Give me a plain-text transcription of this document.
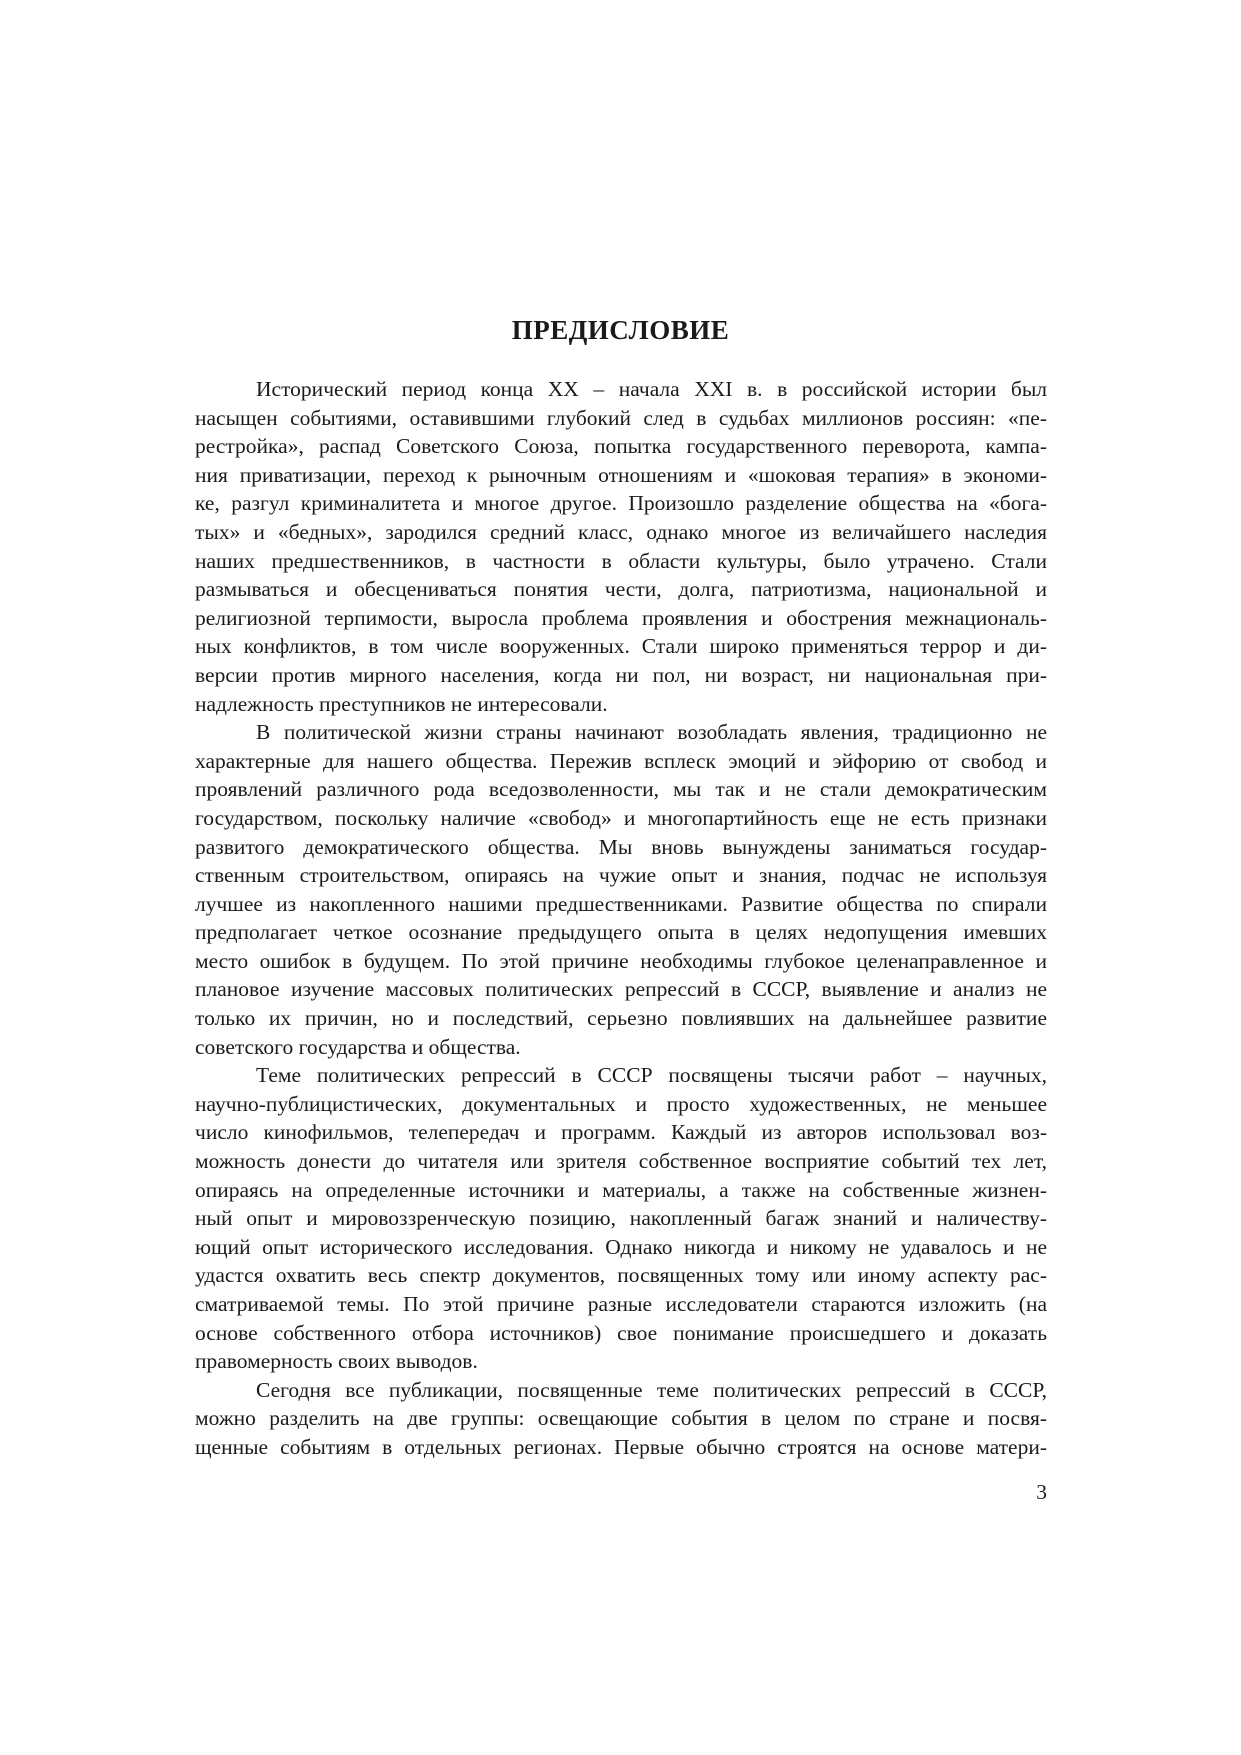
ПРЕДИСЛОВИЕ
Исторический период конца XX – начала XXI в. в российской истории был
насыщен событиями, оставившими глубокий след в судьбах миллионов россиян: «пе-
рестройка», распад Советского Союза, попытка государственного переворота, кампа-
ния приватизации, переход к рыночным отношениям и «шоковая терапия» в экономи-
ке, разгул криминалитета и многое другое. Произошло разделение общества на «бога-
тых» и «бедных», зародился средний класс, однако многое из величайшего наследия
наших предшественников, в частности в области культуры, было утрачено. Стали
размываться и обесцениваться понятия чести, долга, патриотизма, национальной и
религиозной терпимости, выросла проблема проявления и обострения межнациональ-
ных конфликтов, в том числе вооруженных. Стали широко применяться террор и ди-
версии против мирного населения, когда ни пол, ни возраст, ни национальная при-
надлежность преступников не интересовали.
В политической жизни страны начинают возобладать явления, традиционно не
характерные для нашего общества. Пережив всплеск эмоций и эйфорию от свобод и
проявлений различного рода вседозволенности, мы так и не стали демократическим
государством, поскольку наличие «свобод» и многопартийность еще не есть признаки
развитого демократического общества. Мы вновь вынуждены заниматься государ-
ственным строительством, опираясь на чужие опыт и знания, подчас не используя
лучшее из накопленного нашими предшественниками. Развитие общества по спирали
предполагает четкое осознание предыдущего опыта в целях недопущения имевших
место ошибок в будущем. По этой причине необходимы глубокое целенаправленное и
плановое изучение массовых политических репрессий в СССР, выявление и анализ не
только их причин, но и последствий, серьезно повлиявших на дальнейшее развитие
советского государства и общества.
Теме политических репрессий в СССР посвящены тысячи работ – научных,
научно-публицистических, документальных и просто художественных, не меньшее
число кинофильмов, телепередач и программ. Каждый из авторов использовал воз-
можность донести до читателя или зрителя собственное восприятие событий тех лет,
опираясь на определенные источники и материалы, а также на собственные жизнен-
ный опыт и мировоззренческую позицию, накопленный багаж знаний и наличеству-
ющий опыт исторического исследования. Однако никогда и никому не удавалось и не
удастся охватить весь спектр документов, посвященных тому или иному аспекту рас-
сматриваемой темы. По этой причине разные исследователи стараются изложить (на
основе собственного отбора источников) свое понимание происшедшего и доказать
правомерность своих выводов.
Сегодня все публикации, посвященные теме политических репрессий в СССР,
можно разделить на две группы: освещающие события в целом по стране и посвя-
щенные событиям в отдельных регионах. Первые обычно строятся на основе матери-
3
